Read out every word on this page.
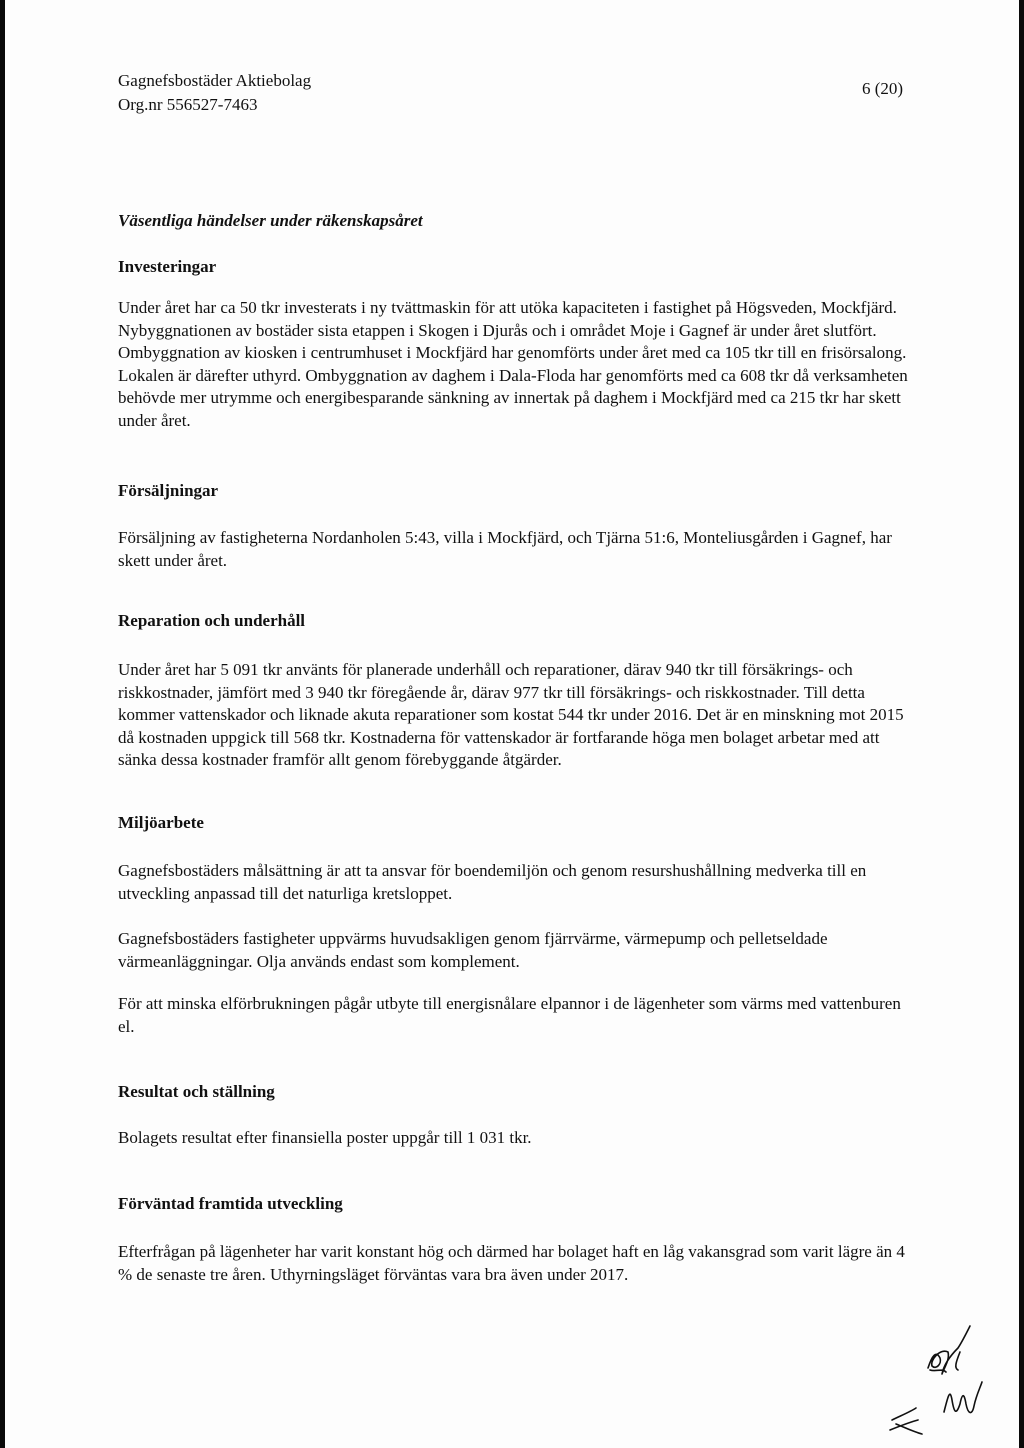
Gagnefsbostäder Aktiebolag
Org.nr 556527-7463
6 (20)
Väsentliga händelser under räkenskapsåret
Investeringar

Under året har ca 50 tkr investerats i ny tvättmaskin för att utöka kapaciteten i fastighet på Högsveden, Mockfjärd. Nybyggnationen av bostäder sista etappen i Skogen i Djurås och i området Moje i Gagnef är under året slutfört. Ombyggnation av kiosken i centrumhuset i Mockfjärd har genomförts under året med ca 105 tkr till en frisörsalong. Lokalen är därefter uthyrd. Ombyggnation av daghem i Dala-Floda har genomförts med ca 608 tkr då verksamheten behövde mer utrymme och energibesparande sänkning av innertak på daghem i Mockfjärd med ca 215 tkr har skett under året.

Försäljningar

Försäljning av fastigheterna Nordanholen 5:43, villa i Mockfjärd, och Tjärna 51:6, Monteliusgården i Gagnef, har skett under året.

Reparation och underhåll

Under året har 5 091 tkr använts för planerade underhåll och reparationer, därav 940 tkr till försäkrings- och riskkostnader, jämfört med 3 940 tkr föregående år, därav 977 tkr till försäkrings- och riskkostnader. Till detta kommer vattenskador och liknade akuta reparationer som kostat 544 tkr under 2016. Det är en minskning mot 2015 då kostnaden uppgick till 568 tkr. Kostnaderna för vattenskador är fortfarande höga men bolaget arbetar med att sänka dessa kostnader framför allt genom förebyggande åtgärder.

Miljöarbete

Gagnefsbostäders målsättning är att ta ansvar för boendemiljön och genom resurshushållning medverka till en utveckling anpassad till det naturliga kretsloppet.

Gagnefsbostäders fastigheter uppvärms huvudsakligen genom fjärrvärme, värmepump och pelletseldade värmeanläggningar. Olja används endast som komplement.

För att minska elförbrukningen pågår utbyte till energisnålare elpannor i de lägenheter som värms med vattenburen el.

Resultat och ställning

Bolagets resultat efter finansiella poster uppgår till 1 031 tkr.

Förväntad framtida utveckling

Efterfrågan på lägenheter har varit konstant hög och därmed har bolaget haft en låg vakansgrad som varit lägre än 4 % de senaste tre åren. Uthyrningsläget förväntas vara bra även under 2017.
